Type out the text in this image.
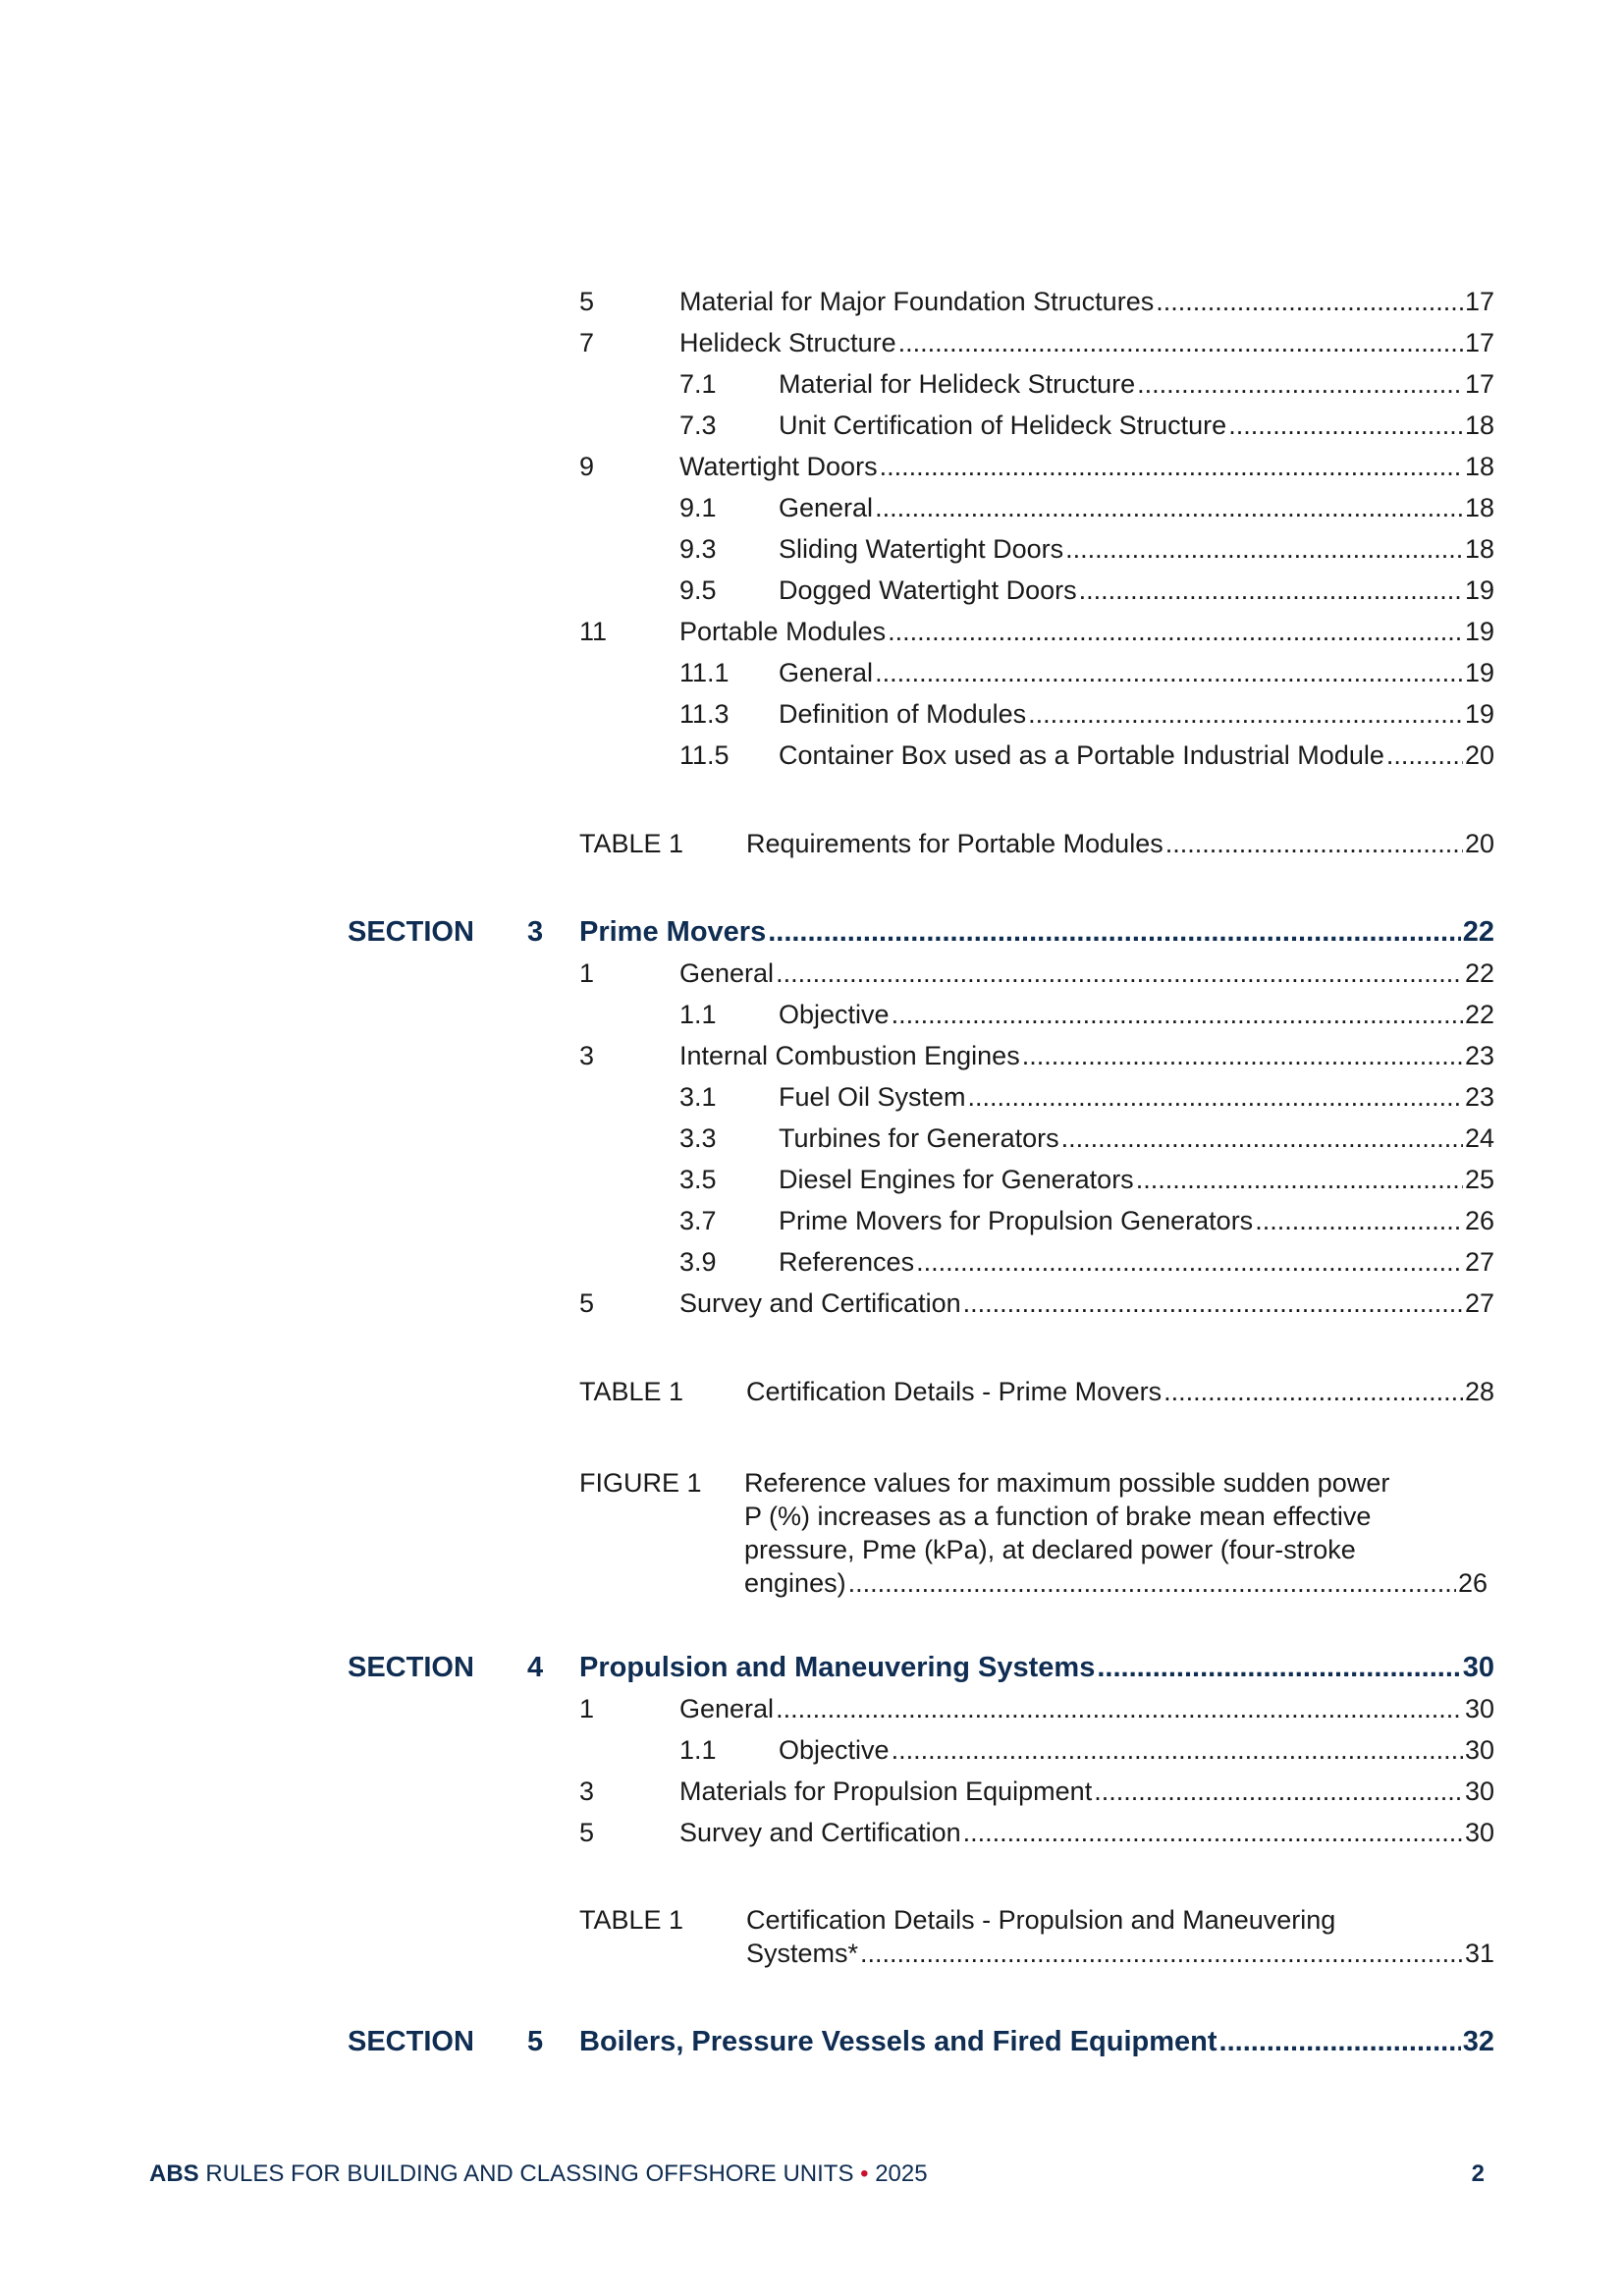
5	Material for Major Foundation Structures .....	17
7	Helideck Structure .....	17
7.1 Material for Helideck Structure .....	17
7.3 Unit Certification of Helideck Structure .....	18
9	Watertight Doors .....	18
9.1 General .....	18
9.3 Sliding Watertight Doors .....	18
9.5 Dogged Watertight Doors .....	19
11	Portable Modules .....	19
11.1 General .....	19
11.3 Definition of Modules .....	19
11.5 Container Box used as a Portable Industrial Module .....	20
TABLE 1 Requirements for Portable Modules .....	20
SECTION 3 Prime Movers .....	22
1	General .....	22
1.1 Objective .....	22
3	Internal Combustion Engines .....	23
3.1 Fuel Oil System .....	23
3.3 Turbines for Generators .....	24
3.5 Diesel Engines for Generators .....	25
3.7 Prime Movers for Propulsion Generators .....	26
3.9 References .....	27
5	Survey and Certification .....	27
TABLE 1 Certification Details - Prime Movers .....	28
FIGURE 1 Reference values for maximum possible sudden power
P (%) increases as a function of brake mean effective
pressure, Pme (kPa), at declared power (four-stroke
engines) .....	26
SECTION 4 Propulsion and Maneuvering Systems .....	30
1	General .....	30
1.1 Objective .....	30
3	Materials for Propulsion Equipment .....	30
5	Survey and Certification .....	30
TABLE 1 Certification Details - Propulsion and Maneuvering
Systems* .....	31
SECTION 5 Boilers, Pressure Vessels and Fired Equipment .....	32
ABS RULES FOR BUILDING AND CLASSING OFFSHORE UNITS • 2025	2
